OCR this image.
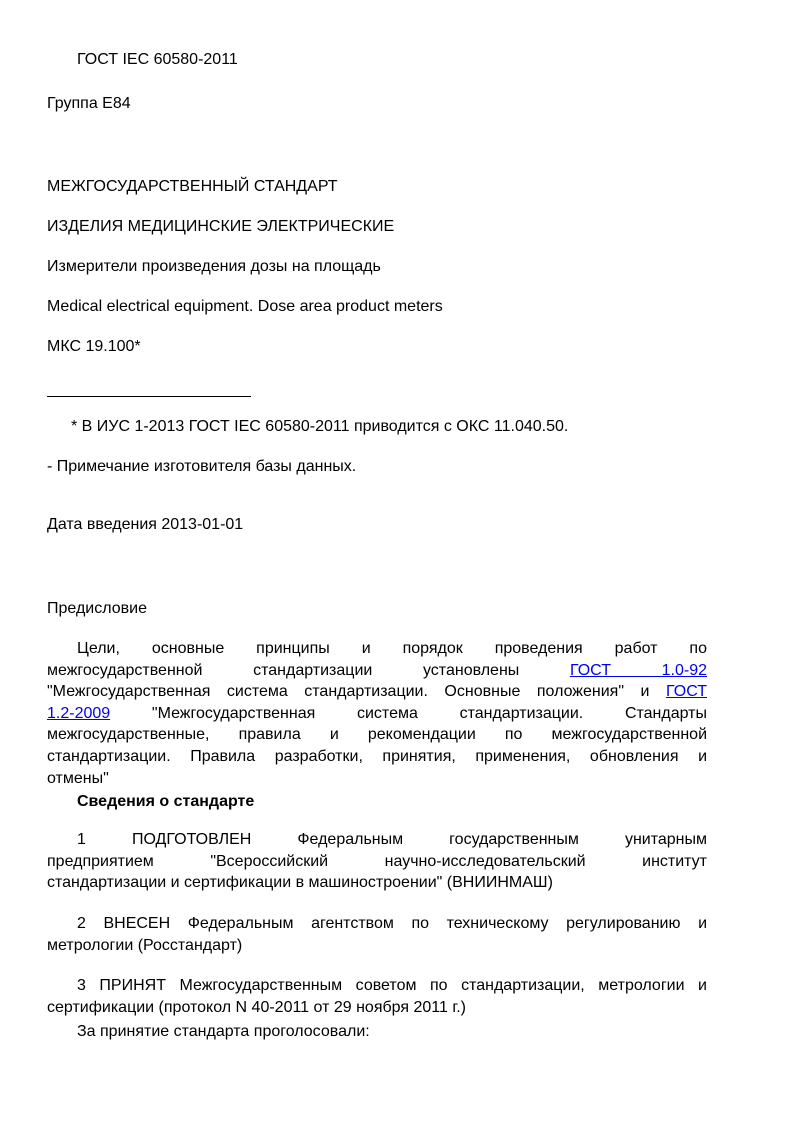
ГОСТ IEC 60580-2011
Группа Е84
МЕЖГОСУДАРСТВЕННЫЙ СТАНДАРТ
ИЗДЕЛИЯ МЕДИЦИНСКИЕ ЭЛЕКТРИЧЕСКИЕ
Измерители произведения дозы на площадь
Medical electrical equipment. Dose area product meters
МКС 19.100*
* В ИУС 1-2013 ГОСТ IEC 60580-2011 приводится с ОКС 11.040.50.
- Примечание изготовителя базы данных.
Дата введения 2013-01-01
Предисловие
Цели, основные принципы и порядок проведения работ по
межгосударственной стандартизации установлены	ГОСТ 1.0-92
"Межгосударственная система стандартизации. Основные положения" и ГОСТ
1.2-2009	"Межгосударственная система стандартизации. Стандарты
межгосударственные, правила и рекомендации по межгосударственной
стандартизации. Правила разработки, принятия, применения, обновления и
отмены"
Сведения о стандарте
1 ПОДГОТОВЛЕН Федеральным государственным унитарным
предприятием "Всероссийский научно-исследовательский институт
стандартизации и сертификации в машиностроении" (ВНИИНМАШ)
2 ВНЕСЕН Федеральным агентством по техническому регулированию и
метрологии (Росстандарт)
3 ПРИНЯТ Межгосударственным советом по стандартизации, метрологии и
сертификации (протокол N 40-2011 от 29 ноября 2011 г.)
За принятие стандарта проголосовали:
